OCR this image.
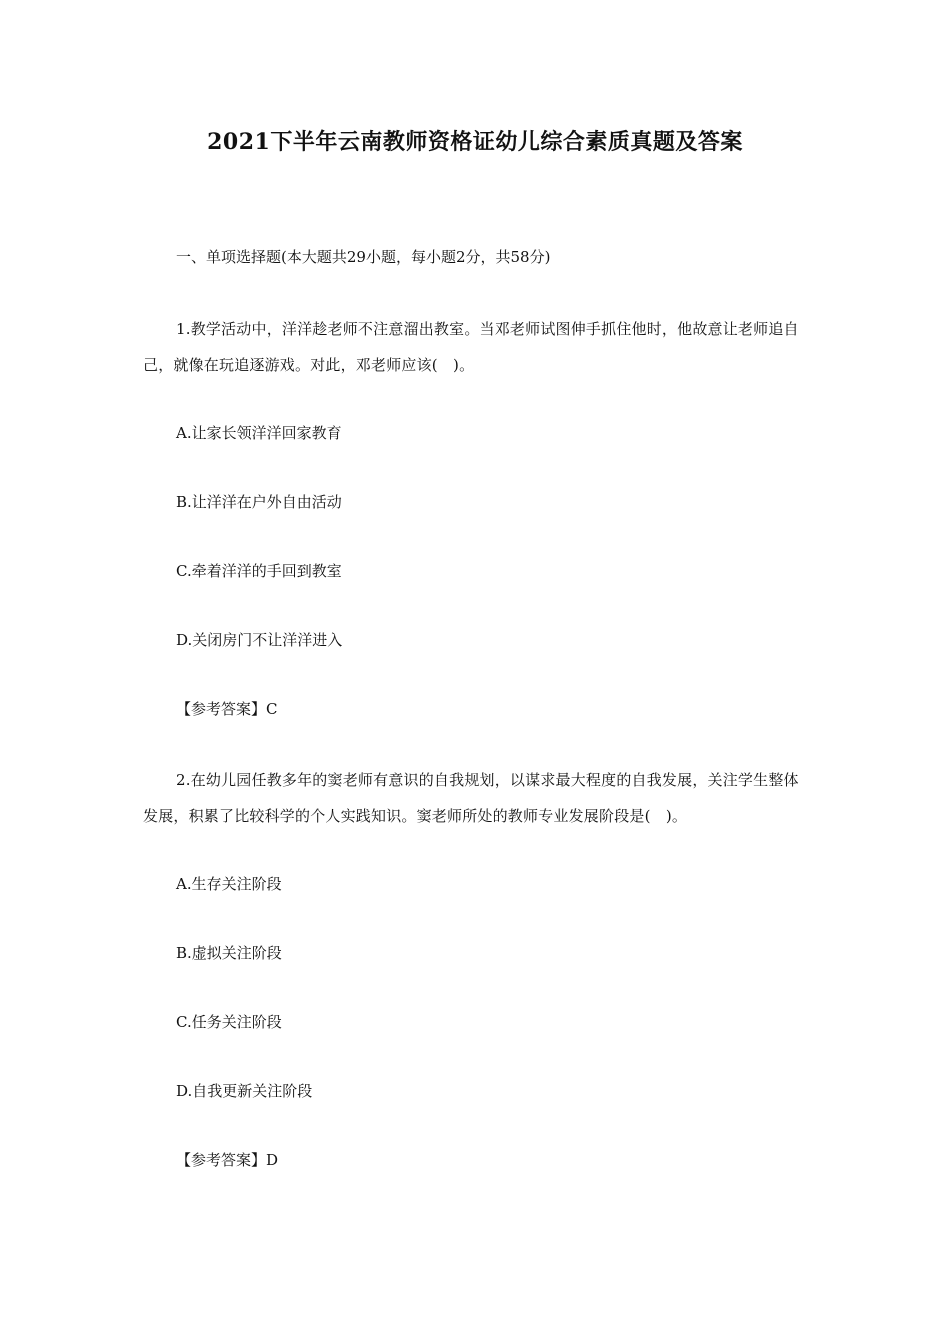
2021下半年云南教师资格证幼儿综合素质真题及答案
一、单项选择题(本大题共29小题，每小题2分，共58分)
1.教学活动中，洋洋趁老师不注意溜出教室。当邓老师试图伸手抓住他时，他故意让老师追自己，就像在玩追逐游戏。对此，邓老师应该(　)。
A.让家长领洋洋回家教育
B.让洋洋在户外自由活动
C.牵着洋洋的手回到教室
D.关闭房门不让洋洋进入
【参考答案】C
2.在幼儿园任教多年的窦老师有意识的自我规划，以谋求最大程度的自我发展，关注学生整体发展，积累了比较科学的个人实践知识。窦老师所处的教师专业发展阶段是(　)。
A.生存关注阶段
B.虚拟关注阶段
C.任务关注阶段
D.自我更新关注阶段
【参考答案】D
